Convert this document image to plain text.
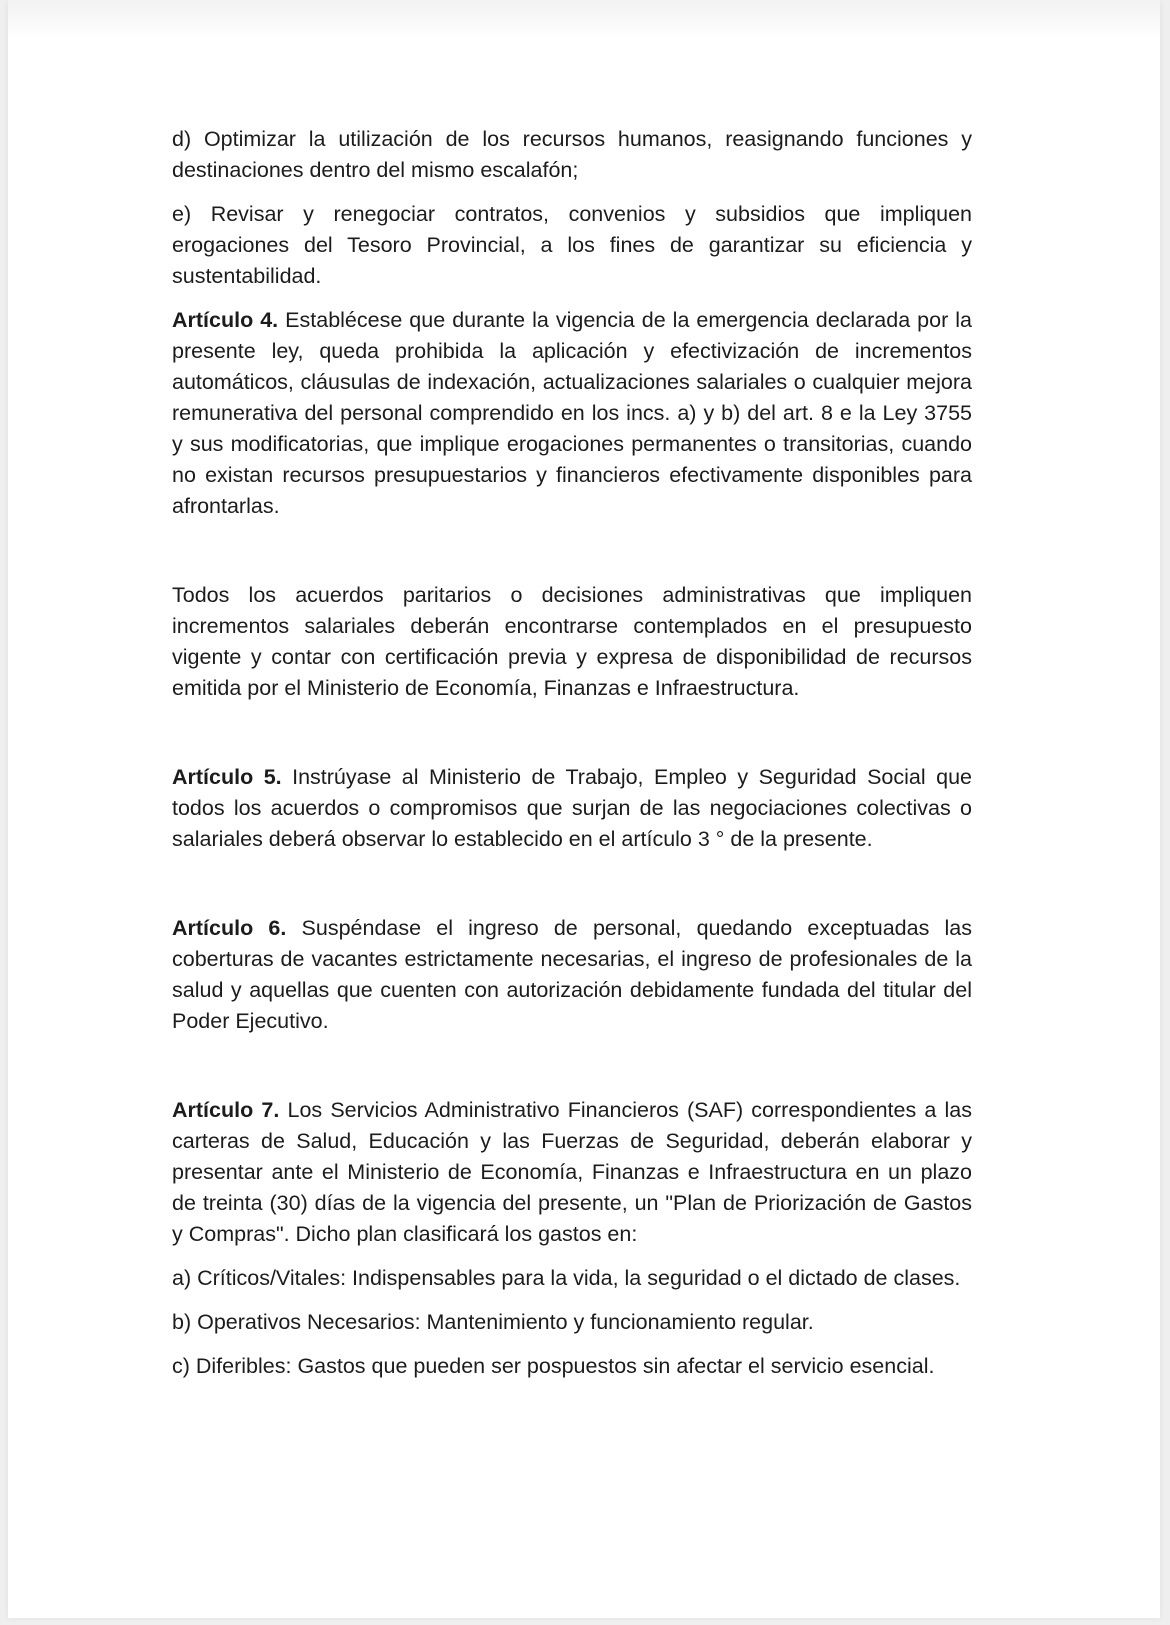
d) Optimizar la utilización de los recursos humanos, reasignando funciones y destinaciones dentro del mismo escalafón;

e) Revisar y renegociar contratos, convenios y subsidios que impliquen erogaciones del Tesoro Provincial, a los fines de garantizar su eficiencia y sustentabilidad.

Artículo 4. Establécese que durante la vigencia de la emergencia declarada por la presente ley, queda prohibida la aplicación y efectivización de incrementos automáticos, cláusulas de indexación, actualizaciones salariales o cualquier mejora remunerativa del personal comprendido en los incs. a) y b) del art. 8 e la Ley 3755 y sus modificatorias, que implique erogaciones permanentes o transitorias, cuando no existan recursos presupuestarios y financieros efectivamente disponibles para afrontarlas.

Todos los acuerdos paritarios o decisiones administrativas que impliquen incrementos salariales deberán encontrarse contemplados en el presupuesto vigente y contar con certificación previa y expresa de disponibilidad de recursos emitida por el Ministerio de Economía, Finanzas e Infraestructura.

Artículo 5. Instrúyase al Ministerio de Trabajo, Empleo y Seguridad Social que todos los acuerdos o compromisos que surjan de las negociaciones colectivas o salariales deberá observar lo establecido en el artículo 3 ° de la presente.

Artículo 6. Suspéndase el ingreso de personal, quedando exceptuadas las coberturas de vacantes estrictamente necesarias, el ingreso de profesionales de la salud y aquellas que cuenten con autorización debidamente fundada del titular del Poder Ejecutivo.

Artículo 7. Los Servicios Administrativo Financieros (SAF) correspondientes a las carteras de Salud, Educación y las Fuerzas de Seguridad, deberán elaborar y presentar ante el Ministerio de Economía, Finanzas e Infraestructura en un plazo de treinta (30) días de la vigencia del presente, un "Plan de Priorización de Gastos y Compras". Dicho plan clasificará los gastos en:

a) Críticos/Vitales: Indispensables para la vida, la seguridad o el dictado de clases.

b) Operativos Necesarios: Mantenimiento y funcionamiento regular.

c) Diferibles: Gastos que pueden ser pospuestos sin afectar el servicio esencial.
